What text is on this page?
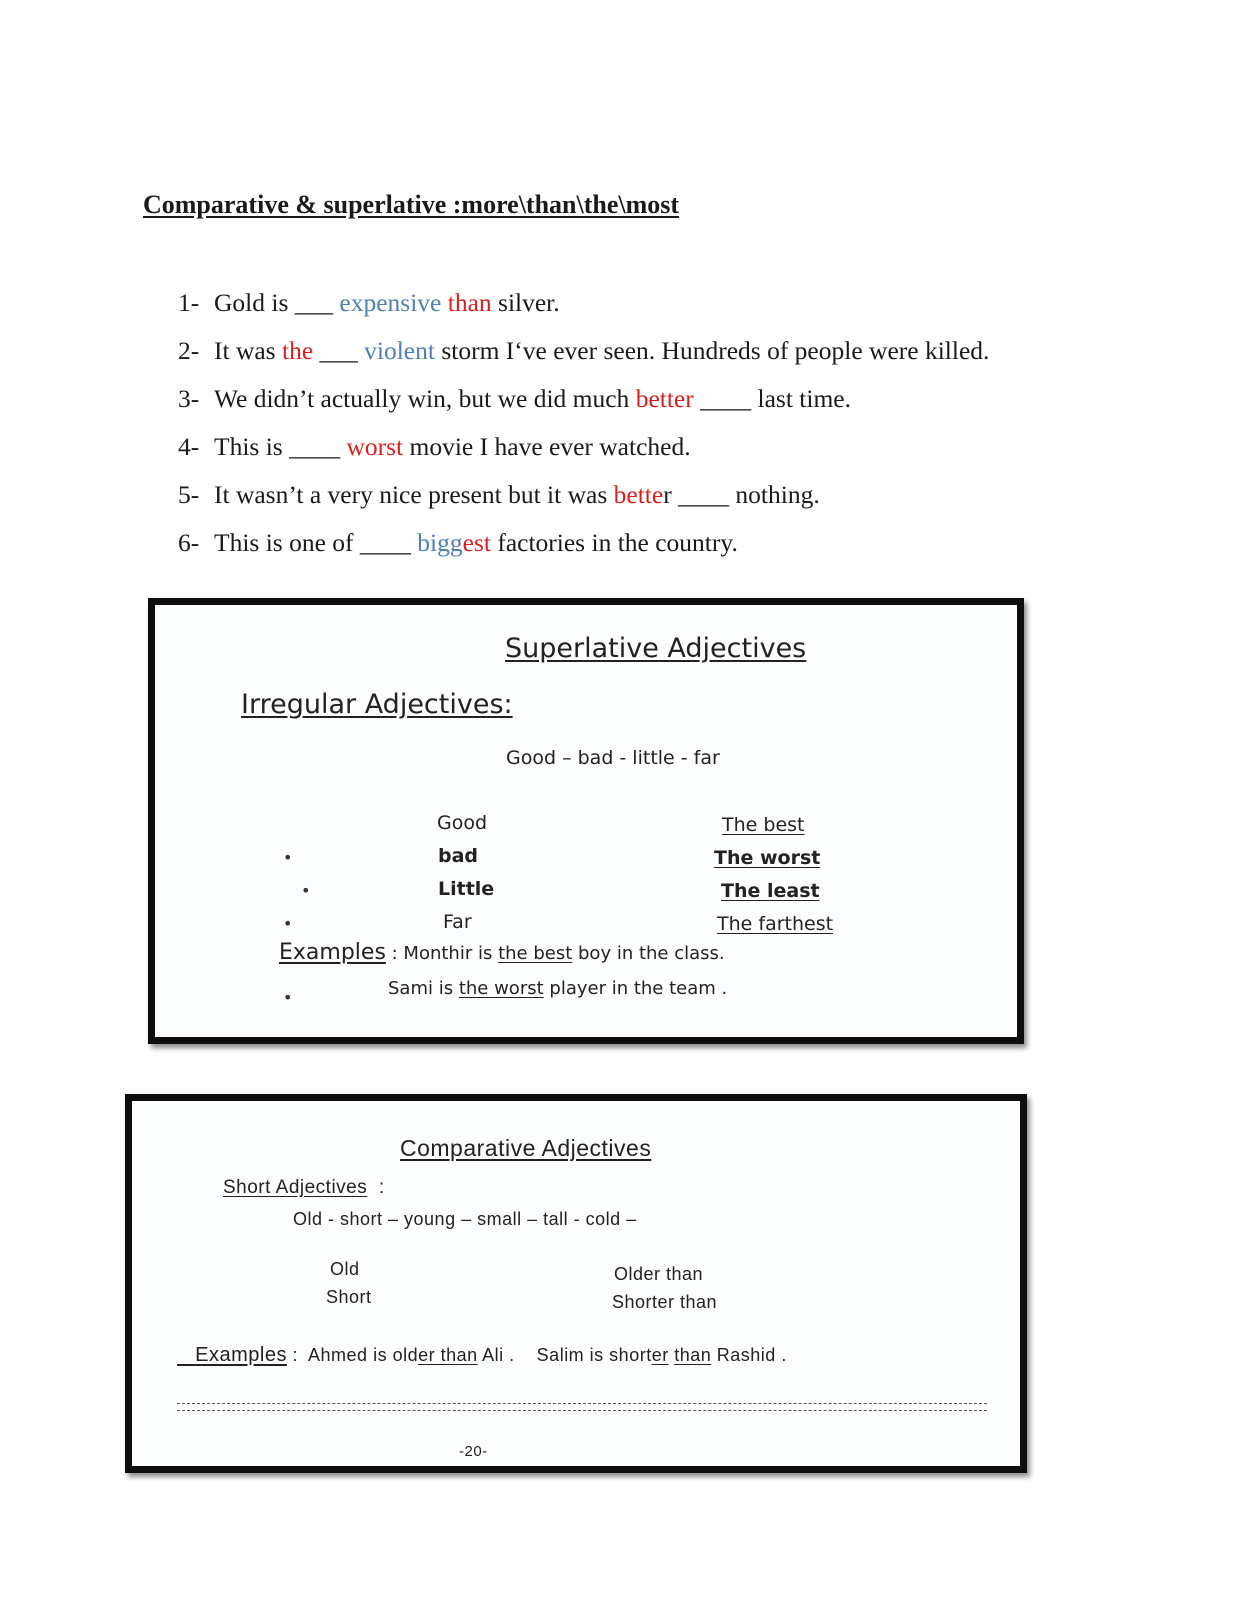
Comparative & superlative :more\than\the\most
1- Gold is ___ expensive than silver.
2- It was the ___ violent storm I‘ve ever seen. Hundreds of people were killed.
3- We didn’t actually win, but we did much better ____ last time.
4- This is ____ worst movie I have ever watched.
5- It wasn’t a very nice present but it was better ____ nothing.
6- This is one of ____ biggest factories in the country.
Superlative Adjectives
Irregular Adjectives:
Good – bad - little - far
Good
bad
Little
Far
The best
The worst
The least
The farthest
•
•
•
•
Examples : Monthir is the best boy in the class.
Sami is the worst player in the team .
Comparative Adjectives
Short Adjectives :
Old - short – young – small – tall - cold –
Old
Short
Older than
Shorter than
Examples : Ahmed is older than Ali . Salim is shorter than Rashid .
-20-
